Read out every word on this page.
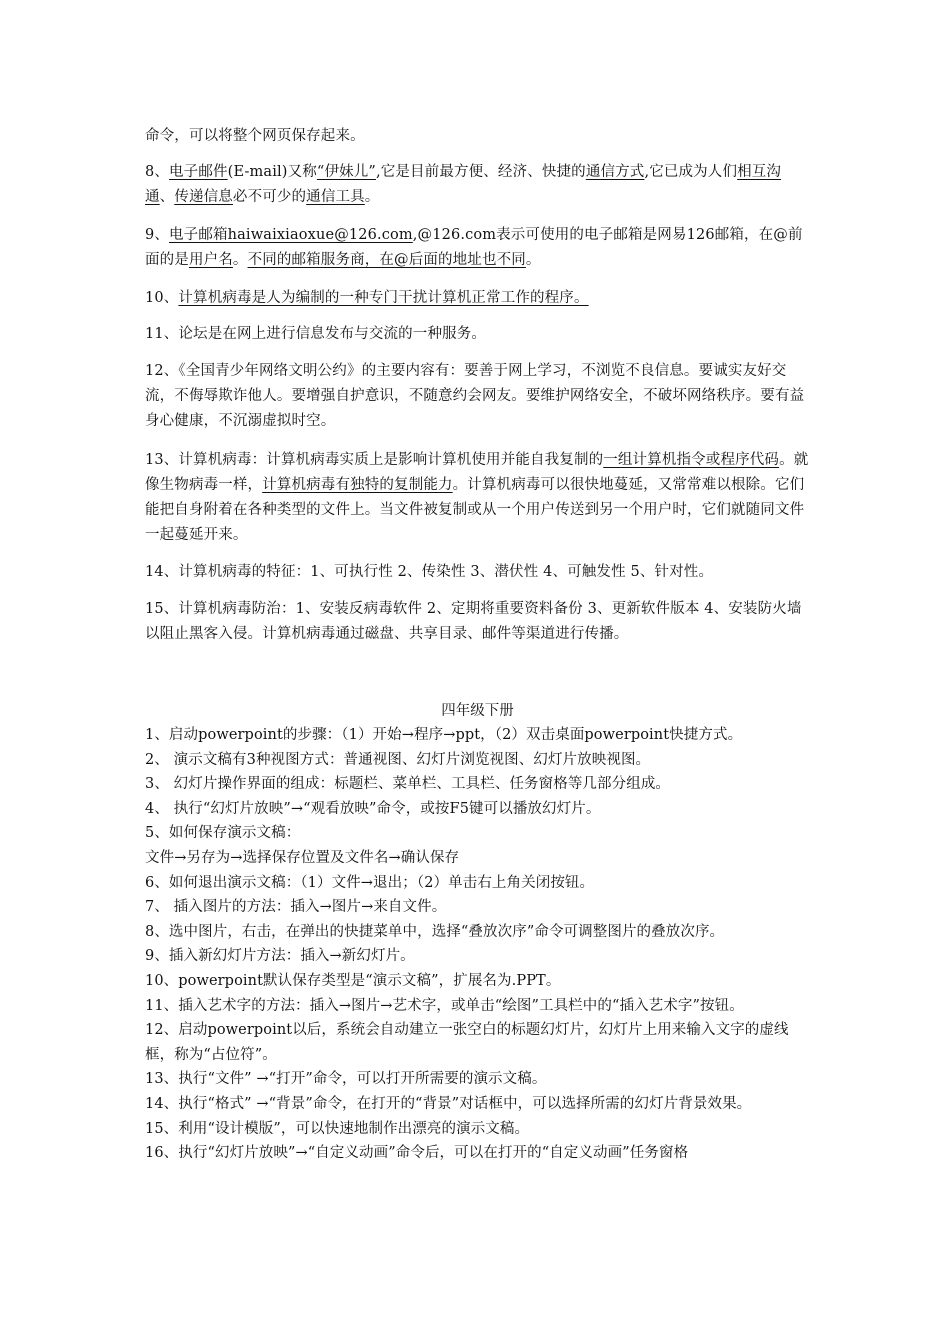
命令，可以将整个网页保存起来。

8、电子邮件(E-mail)又称“伊妹儿”,它是目前最方便、经济、快捷的通信方式,它已成为人们相互沟通、传递信息必不可少的通信工具。

9、电子邮箱haiwaixiaoxue@126.com,@126.com表示可使用的电子邮箱是网易126邮箱，在@前面的是用户名。不同的邮箱服务商，在@后面的地址也不同。

10、计算机病毒是人为编制的一种专门干扰计算机正常工作的程序。

11、论坛是在网上进行信息发布与交流的一种服务。

12、《全国青少年网络文明公约》的主要内容有：要善于网上学习，不浏览不良信息。要诚实友好交流，不侮辱欺诈他人。要增强自护意识，不随意约会网友。要维护网络安全，不破坏网络秩序。要有益身心健康，不沉溺虚拟时空。

13、计算机病毒：计算机病毒实质上是影响计算机使用并能自我复制的一组计算机指令或程序代码。就像生物病毒一样，计算机病毒有独特的复制能力。计算机病毒可以很快地蔓延，又常常难以根除。它们能把自身附着在各种类型的文件上。当文件被复制或从一个用户传送到另一个用户时，它们就随同文件一起蔓延开来。

14、计算机病毒的特征：1、可执行性 2、传染性 3、潜伏性 4、可触发性 5、针对性。

15、计算机病毒防治：1、安装反病毒软件 2、定期将重要资料备份 3、更新软件版本 4、安装防火墙以阻止黑客入侵。计算机病毒通过磁盘、共享目录、邮件等渠道进行传播。

四年级下册

1、启动powerpoint的步骤：（1）开始→程序→ppt，（2）双击桌面powerpoint快捷方式。

2、 演示文稿有3种视图方式：普通视图、幻灯片浏览视图、幻灯片放映视图。

3、 幻灯片操作界面的组成：标题栏、菜单栏、工具栏、任务窗格等几部分组成。

4、 执行“幻灯片放映”→“观看放映”命令，或按F5键可以播放幻灯片。

5、如何保存演示文稿：

文件→另存为→选择保存位置及文件名→确认保存

6、如何退出演示文稿：（1）文件→退出；（2）单击右上角关闭按钮。

7、 插入图片的方法：插入→图片→来自文件。

8、选中图片，右击，在弹出的快捷菜单中，选择“叠放次序”命令可调整图片的叠放次序。

9、插入新幻灯片方法：插入→新幻灯片。

10、powerpoint默认保存类型是“演示文稿”，扩展名为.PPT。

11、插入艺术字的方法：插入→图片→艺术字，或单击“绘图”工具栏中的“插入艺术字”按钮。

12、启动powerpoint以后，系统会自动建立一张空白的标题幻灯片，幻灯片上用来输入文字的虚线框，称为“占位符”。

13、执行“文件” →“打开”命令，可以打开所需要的演示文稿。

14、执行“格式” →“背景”命令，在打开的“背景”对话框中，可以选择所需的幻灯片背景效果。

15、利用“设计模版”，可以快速地制作出漂亮的演示文稿。

16、执行“幻灯片放映”→“自定义动画”命令后，可以在打开的“自定义动画”任务窗格
